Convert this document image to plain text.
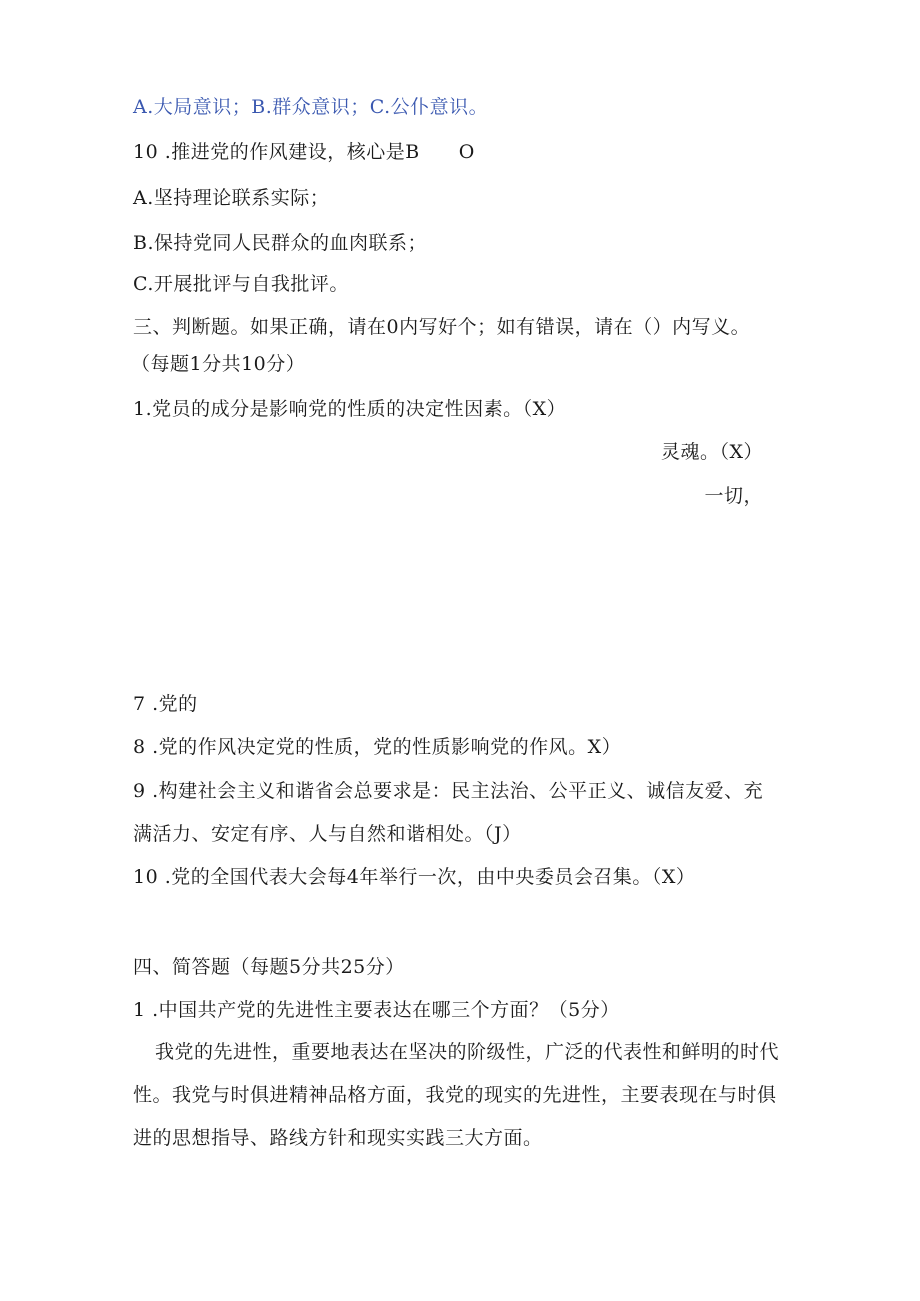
A.大局意识；B.群众意识；C.公仆意识。
10 .推进党的作风建设，核心是B　　O
A.坚持理论联系实际；
B.保持党同人民群众的血肉联系；
C.开展批评与自我批评。
三、判断题。如果正确，请在0内写好个；如有错误，请在（）内写义。
（每题1分共10分）
1.党员的成分是影响党的性质的决定性因素。（X）
灵魂。（X）
一切，
7 .党的
8 .党的作风决定党的性质，党的性质影响党的作风。X）
9 .构建社会主义和谐省会总要求是：民主法治、公平正义、诚信友爱、充
满活力、安定有序、人与自然和谐相处。（J）
10 .党的全国代表大会每4年举行一次，由中央委员会召集。（X）
四、简答题（每题5分共25分）
1 .中国共产党的先进性主要表达在哪三个方面？（5分）
我党的先进性，重要地表达在坚决的阶级性，广泛的代表性和鲜明的时代
性。我党与时俱进精神品格方面，我党的现实的先进性，主要表现在与时俱
进的思想指导、路线方针和现实实践三大方面。
